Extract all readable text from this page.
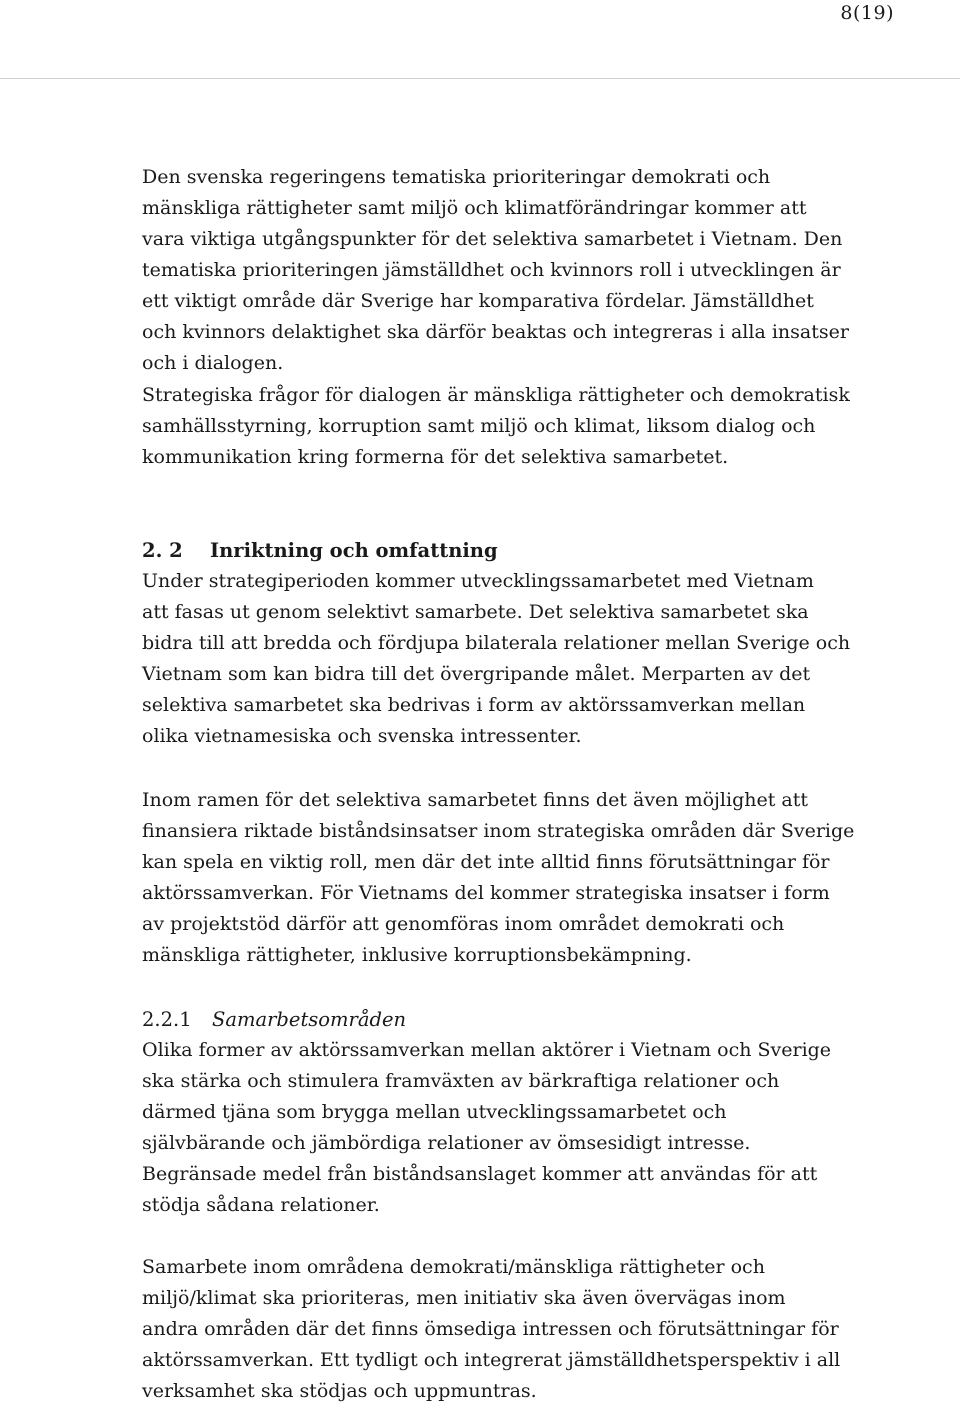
8(19)
Den svenska regeringens tematiska prioriteringar demokrati och
mänskliga rättigheter samt miljö och klimatförändringar kommer att
vara viktiga utgångspunkter för det selektiva samarbetet i Vietnam. Den
tematiska prioriteringen jämställdhet och kvinnors roll i utvecklingen är
ett viktigt område där Sverige har komparativa fördelar. Jämställdhet
och kvinnors delaktighet ska därför beaktas och integreras i alla insatser
och i dialogen.
Strategiska frågor för dialogen är mänskliga rättigheter och demokratisk
samhällsstyrning, korruption samt miljö och klimat, liksom dialog och
kommunikation kring formerna för det selektiva samarbetet.
2. 2 Inriktning och omfattning
Under strategiperioden kommer utvecklingssamarbetet med Vietnam
att fasas ut genom selektivt samarbete. Det selektiva samarbetet ska
bidra till att bredda och fördjupa bilaterala relationer mellan Sverige och
Vietnam som kan bidra till det övergripande målet. Merparten av det
selektiva samarbetet ska bedrivas i form av aktörssamverkan mellan
olika vietnamesiska och svenska intressenter.
Inom ramen för det selektiva samarbetet finns det även möjlighet att
finansiera riktade biståndsinsatser inom strategiska områden där Sverige
kan spela en viktig roll, men där det inte alltid finns förutsättningar för
aktörssamverkan. För Vietnams del kommer strategiska insatser i form
av projektstöd därför att genomföras inom området demokrati och
mänskliga rättigheter, inklusive korruptionsbekämpning.
2.2.1 Samarbetsområden
Olika former av aktörssamverkan mellan aktörer i Vietnam och Sverige
ska stärka och stimulera framväxten av bärkraftiga relationer och
därmed tjäna som brygga mellan utvecklingssamarbetet och
självbärande och jämbördiga relationer av ömsesidigt intresse.
Begränsade medel från biståndsanslaget kommer att användas för att
stödja sådana relationer.
Samarbete inom områdena demokrati/mänskliga rättigheter och
miljö/klimat ska prioriteras, men initiativ ska även övervägas inom
andra områden där det finns ömsediga intressen och förutsättningar för
aktörssamverkan. Ett tydligt och integrerat jämställdhetsperspektiv i all
verksamhet ska stödjas och uppmuntras.
